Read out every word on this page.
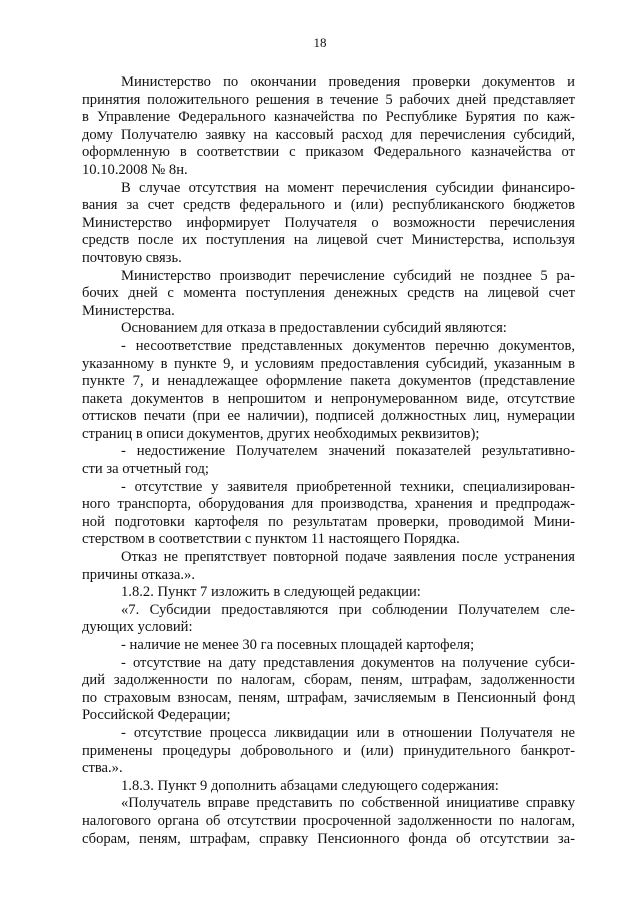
18
Министерство по окончании проведения проверки документов и
принятия положительного решения в течение 5 рабочих дней представляет
в Управление Федерального казначейства по Республике Бурятия по каж-
дому Получателю заявку на кассовый расход для перечисления субсидий,
оформленную в соответствии с приказом Федерального казначейства от
10.10.2008 № 8н.
В случае отсутствия на момент перечисления субсидии финансиро-
вания за счет средств федерального и (или) республиканского бюджетов
Министерство информирует Получателя о возможности перечисления
средств после их поступления на лицевой счет Министерства, используя
почтовую связь.
Министерство производит перечисление субсидий не позднее 5 ра-
бочих дней с момента поступления денежных средств на лицевой счет
Министерства.
Основанием для отказа в предоставлении субсидий являются:
- несоответствие представленных документов перечню документов,
указанному в пункте 9, и условиям предоставления субсидий, указанным в
пункте 7, и ненадлежащее оформление пакета документов (представление
пакета документов в непрошитом и непронумерованном виде, отсутствие
оттисков печати (при ее наличии), подписей должностных лиц, нумерации
страниц в описи документов, других необходимых реквизитов);
- недостижение Получателем значений показателей результативно-
сти за отчетный год;
- отсутствие у заявителя приобретенной техники, специализирован-
ного транспорта, оборудования для производства, хранения и предпродаж-
ной подготовки картофеля по результатам проверки, проводимой Мини-
стерством в соответствии с пунктом 11 настоящего Порядка.
Отказ не препятствует повторной подаче заявления после устранения
причины отказа.».
1.8.2. Пункт 7 изложить в следующей редакции:
«7. Субсидии предоставляются при соблюдении Получателем сле-
дующих условий:
- наличие не менее 30 га посевных площадей картофеля;
- отсутствие на дату представления документов на получение субси-
дий задолженности по налогам, сборам, пеням, штрафам, задолженности
по страховым взносам, пеням, штрафам, зачисляемым в Пенсионный фонд
Российской Федерации;
- отсутствие процесса ликвидации или в отношении Получателя не
применены процедуры добровольного и (или) принудительного банкрот-
ства.».
1.8.3. Пункт 9 дополнить абзацами следующего содержания:
«Получатель вправе представить по собственной инициативе справку
налогового органа об отсутствии просроченной задолженности по налогам,
сборам, пеням, штрафам, справку Пенсионного фонда об отсутствии за-
